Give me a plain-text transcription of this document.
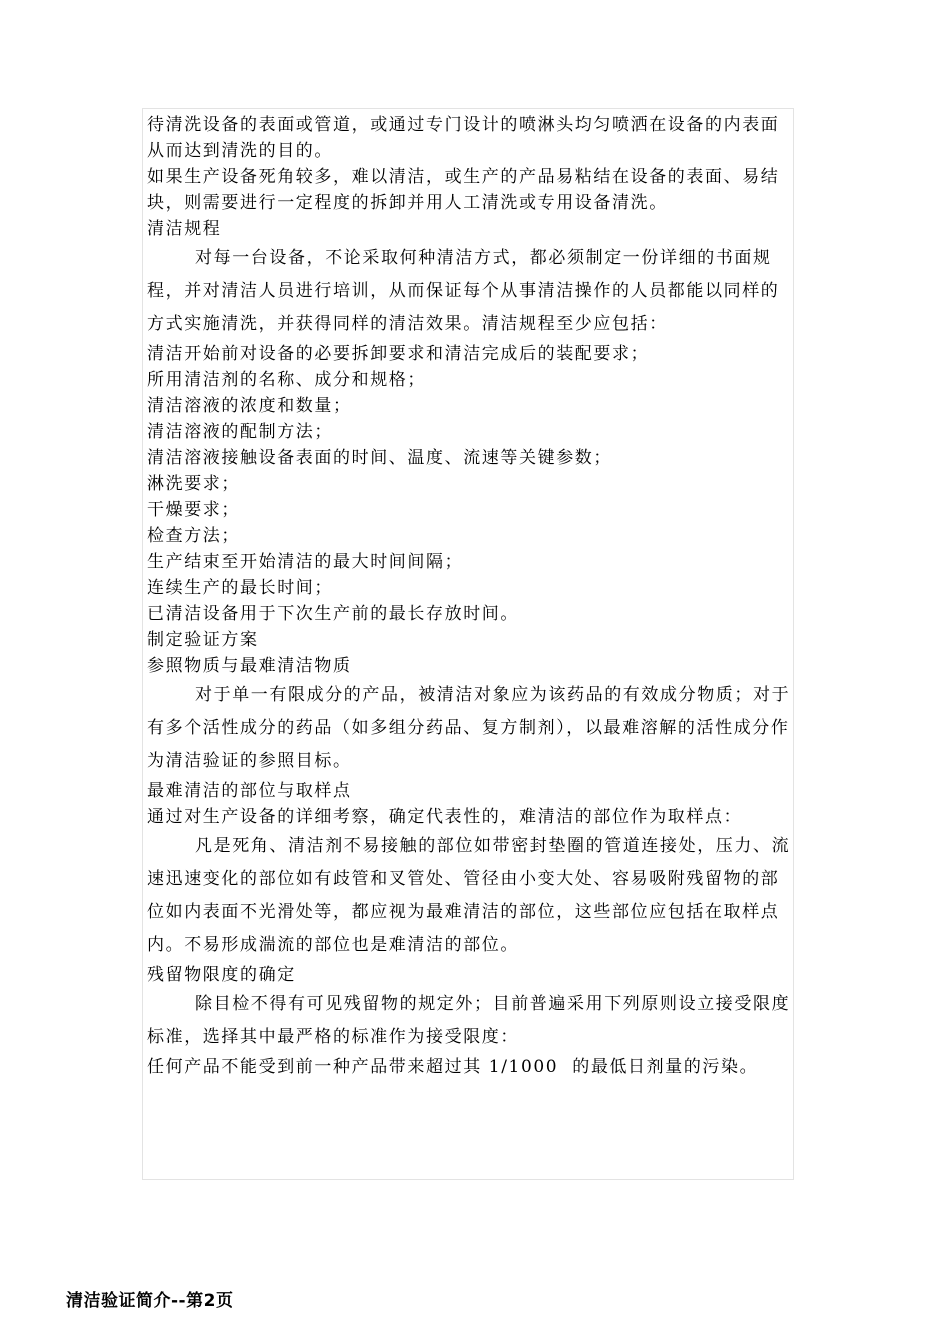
待清洗设备的表面或管道，或通过专门设计的喷淋头均匀喷洒在设备的内表面从而达到清洗的目的。

如果生产设备死角较多，难以清洁，或生产的产品易粘结在设备的表面、易结块，则需要进行一定程度的拆卸并用人工清洗或专用设备清洗。

清洁规程

对每一台设备，不论采取何种清洁方式，都必须制定一份详细的书面规程，并对清洁人员进行培训，从而保证每个从事清洁操作的人员都能以同样的方式实施清洗，并获得同样的清洁效果。清洁规程至少应包括：

清洁开始前对设备的必要拆卸要求和清洁完成后的装配要求；

所用清洁剂的名称、成分和规格；

清洁溶液的浓度和数量；

清洁溶液的配制方法；

清洁溶液接触设备表面的时间、温度、流速等关键参数；

淋洗要求；

干燥要求；

检查方法；

生产结束至开始清洁的最大时间间隔；

连续生产的最长时间；

已清洁设备用于下次生产前的最长存放时间。

制定验证方案

参照物质与最难清洁物质

对于单一有限成分的产品，被清洁对象应为该药品的有效成分物质；对于有多个活性成分的药品（如多组分药品、复方制剂），以最难溶解的活性成分作为清洁验证的参照目标。

最难清洁的部位与取样点

通过对生产设备的详细考察，确定代表性的，难清洁的部位作为取样点：

凡是死角、清洁剂不易接触的部位如带密封垫圈的管道连接处，压力、流速迅速变化的部位如有歧管和叉管处、管径由小变大处、容易吸附残留物的部位如内表面不光滑处等，都应视为最难清洁的部位，这些部位应包括在取样点内。不易形成湍流的部位也是难清洁的部位。

残留物限度的确定

除目检不得有可见残留物的规定外；目前普遍采用下列原则设立接受限度标准，选择其中最严格的标准作为接受限度：

任何产品不能受到前一种产品带来超过其 1/1000  的最低日剂量的污染。

清洁验证简介--第2页
